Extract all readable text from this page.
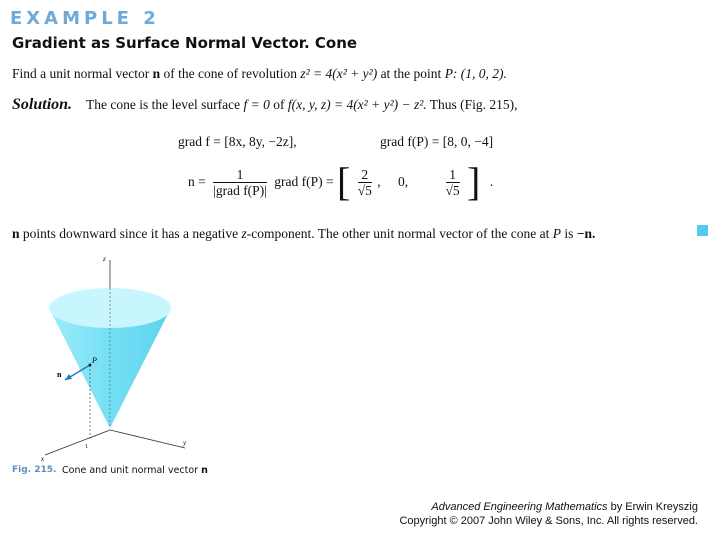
EXAMPLE 2
Gradient as Surface Normal Vector. Cone
Find a unit normal vector n of the cone of revolution z² = 4(x² + y²) at the point P: (1, 0, 2).
Solution. The cone is the level surface f = 0 of f(x, y, z) = 4(x² + y²) − z². Thus (Fig. 215),
grad f = [8x, 8y, −2z],	grad f(P) = [8, 0, −4]
$n = \frac{1}{\text{|grad f(P)|}}$ grad f(P) = [ $\frac{2}{√5}$ , 0,	$\frac{1}{√5}$ ] .
n points downward since it has a negative z-component. The other unit normal vector of the cone at P is −n.
z
P
n
x
y
1
Fig. 215. Cone and unit normal vector n
Advanced Engineering Mathematics by Erwin Kreyszig
Copyright © 2007 John Wiley & Sons, Inc. All rights reserved.
